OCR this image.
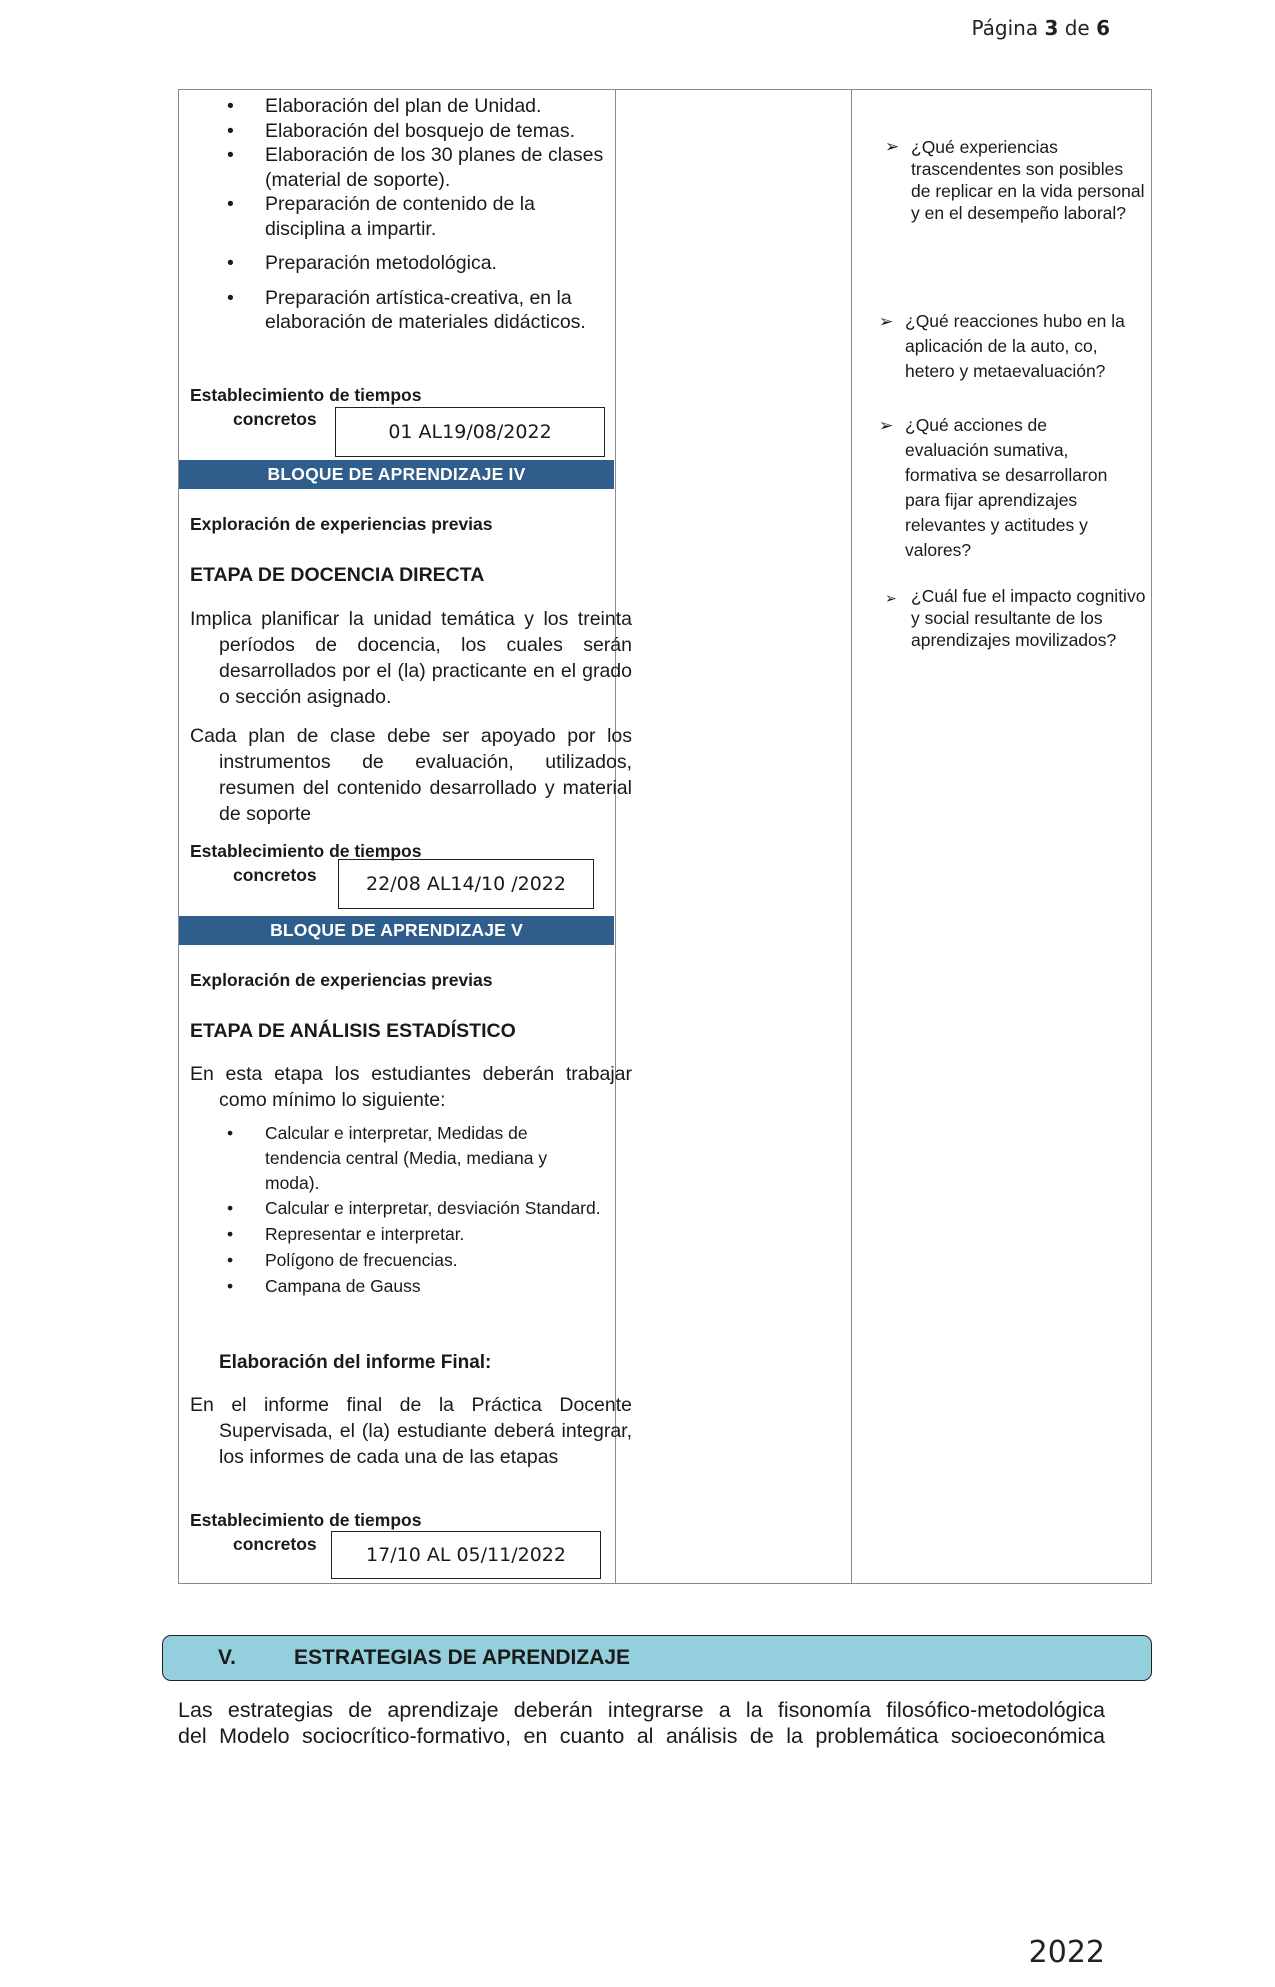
Página 3 de 6
• Elaboración del plan de Unidad.
• Elaboración del bosquejo de temas.
• Elaboración de los 30 planes de clases (material de soporte).
• Preparación de contenido de la disciplina a impartir.
• Preparación metodológica.
• Preparación artística-creativa, en la elaboración de materiales didácticos.
Establecimiento de tiempos
concretos
01 AL19/08/2022
BLOQUE DE APRENDIZAJE IV
Exploración de experiencias previas
ETAPA DE DOCENCIA DIRECTA
Implica planificar la unidad temática y los treinta períodos de docencia, los cuales serán desarrollados por el (la) practicante en el grado o sección asignado.
Cada plan de clase debe ser apoyado por los instrumentos de evaluación, utilizados, resumen del contenido desarrollado y material de soporte
Establecimiento de tiempos
concretos	22/08 AL14/10 /2022
BLOQUE DE APRENDIZAJE V
Exploración de experiencias previas
ETAPA DE ANÁLISIS ESTADÍSTICO
En esta etapa los estudiantes deberán trabajar como mínimo lo siguiente:
• Calcular e interpretar, Medidas de tendencia central (Media, mediana y moda).
• Calcular e interpretar, desviación Standard.
• Representar e interpretar.
• Polígono de frecuencias.
• Campana de Gauss
Elaboración del informe Final:
En el informe final de la Práctica Docente Supervisada, el (la) estudiante deberá integrar, los informes de cada una de las etapas
Establecimiento de tiempos
concretos	17/10 AL 05/11/2022
➢ ¿Qué experiencias trascendentes son posibles de replicar en la vida personal y en el desempeño laboral?
➢ ¿Qué reacciones hubo en la aplicación de la auto, co, hetero y metaevaluación?
➢ ¿Qué acciones de evaluación sumativa, formativa se desarrollaron para fijar aprendizajes relevantes y actitudes y valores?
➢ ¿Cuál fue el impacto cognitivo y social resultante de los aprendizajes movilizados?
V.	ESTRATEGIAS DE APRENDIZAJE
Las estrategias de aprendizaje deberán integrarse a la fisonomía filosófico-metodológica
del Modelo sociocrítico-formativo, en cuanto al análisis de la problemática socioeconómica
2022
